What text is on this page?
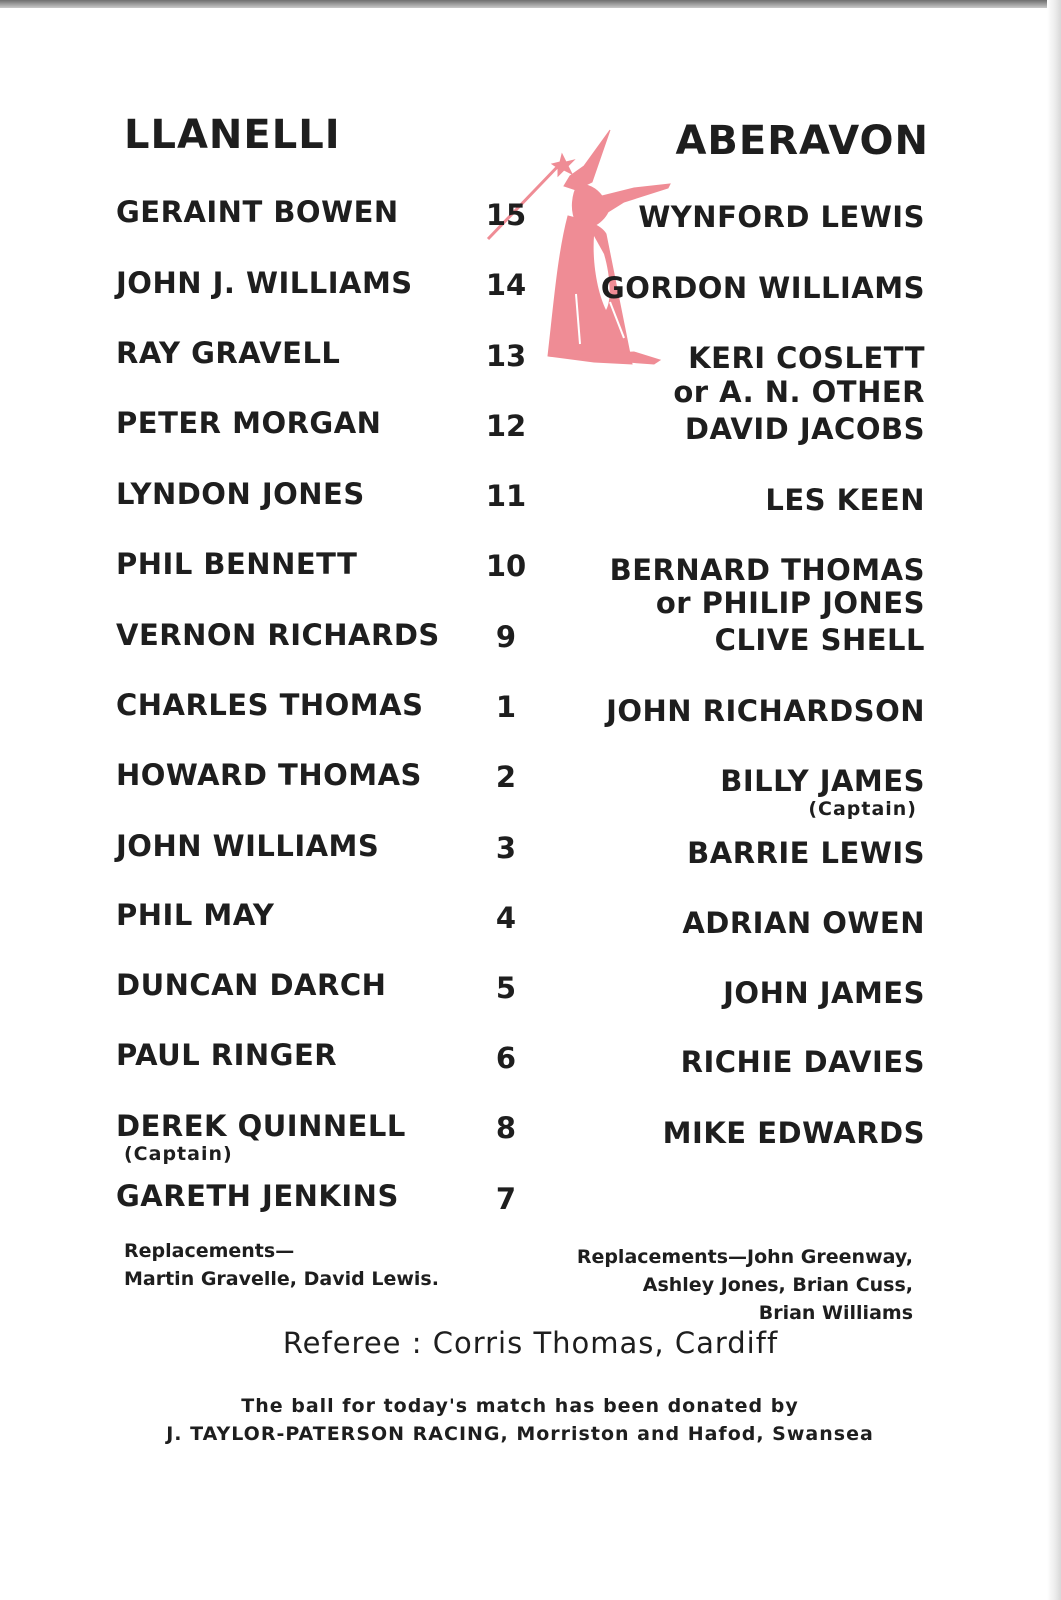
LLANELLI	ABERAVON
GERAINT BOWEN
JOHN J. WILLIAMS
RAY GRAVELL
PETER MORGAN
LYNDON JONES
PHIL BENNETT
VERNON RICHARDS
CHARLES THOMAS
HOWARD THOMAS
JOHN WILLIAMS
PHIL MAY
DUNCAN DARCH
PAUL RINGER
DEREK QUINNELL
(Captain)
GARETH JENKINS
15
14
13
12
11
10
9
1
2
3
4
5
6
8
7
WYNFORD LEWIS
GORDON WILLIAMS
KERI COSLETT
or A. N. OTHER
DAVID JACOBS
LES KEEN
BERNARD THOMAS
or PHILIP JONES
CLIVE SHELL
JOHN RICHARDSON
BILLY JAMES
(Captain)
BARRIE LEWIS
ADRIAN OWEN
JOHN JAMES
RICHIE DAVIES
MIKE EDWARDS
Replacements—
Martin Gravelle, David Lewis.
Replacements—John Greenway,
Ashley Jones, Brian Cuss,
Brian Williams
Referee : Corris Thomas, Cardiff
The ball for today's match has been donated by
J. TAYLOR-PATERSON RACING, Morriston and Hafod, Swansea
